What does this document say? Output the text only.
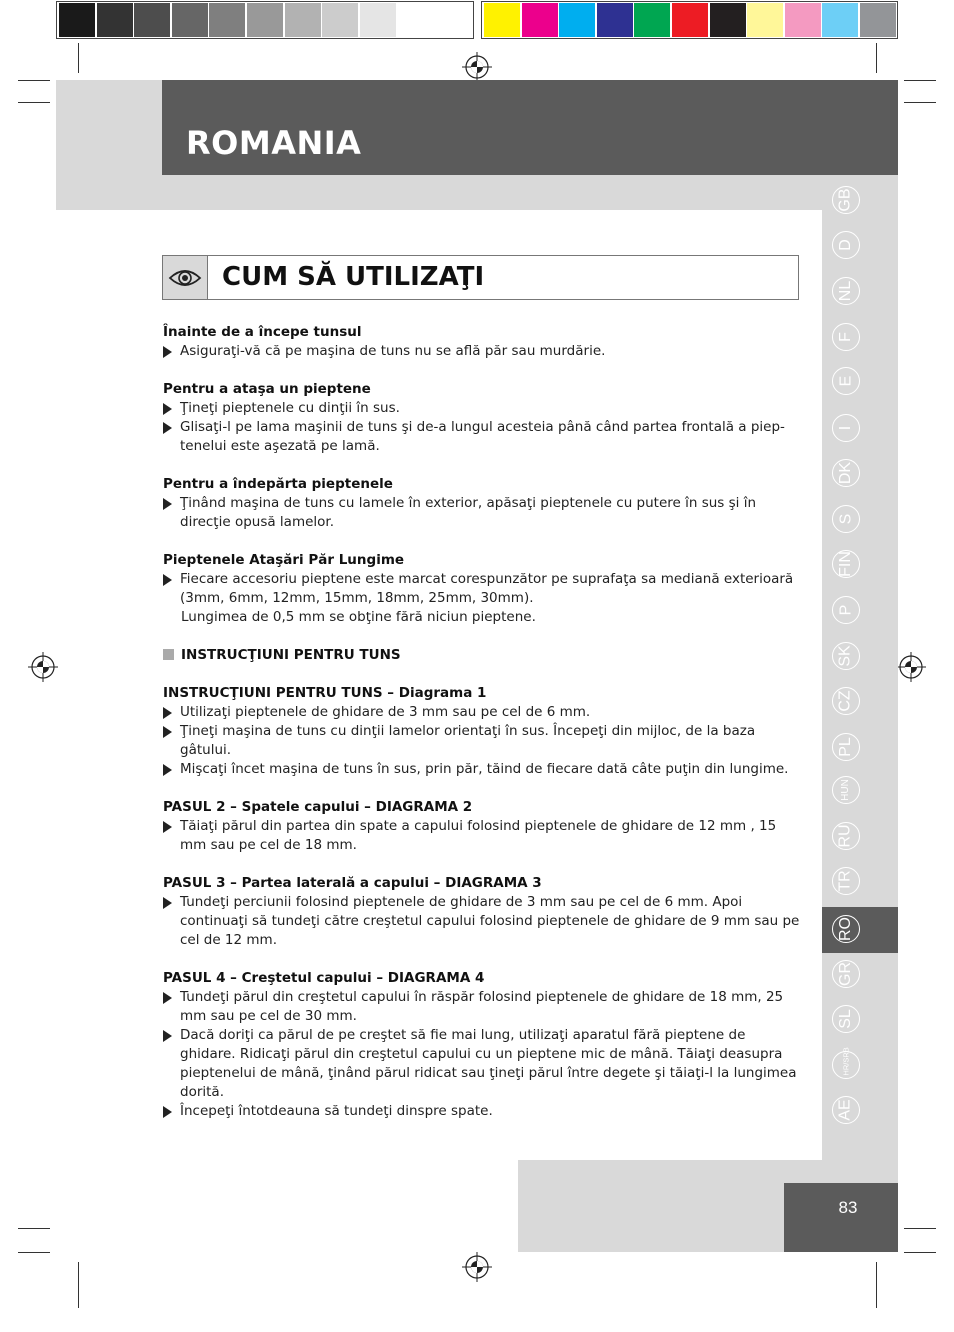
ROMANIA
GB
D
NL
F
E
I
DK
S
FIN
P
SK
CZ
PL
HUN
RU
TR
RO
GR
SL
HR/SRB
AE
83
CUM SĂ UTILIZAŢI

Înainte de a începe tunsul

Asiguraţi-vă că pe maşina de tuns nu se află păr sau murdărie.

Pentru a ataşa un pieptene

Ţineţi pieptenele cu dinţii în sus.

Glisaţi-l pe lama maşinii de tuns şi de-a lungul acesteia până când partea frontală a piep-tenelui este aşezată pe lamă.

Pentru a îndepărta pieptenele

Ţinând maşina de tuns cu lamele în exterior, apăsaţi pieptenele cu putere în sus şi în direcţie opusă lamelor.

Pieptenele Ataşări Păr Lungime

Fiecare accesoriu pieptene este marcat corespunzător pe suprafaţa sa mediană exterioară (3mm, 6mm, 12mm, 15mm, 18mm, 25mm, 30mm).

Lungimea de 0,5 mm se obţine fără niciun pieptene.

INSTRUCŢIUNI PENTRU TUNS

INSTRUCŢIUNI PENTRU TUNS – Diagrama 1

Utilizaţi pieptenele de ghidare de 3 mm sau pe cel de 6 mm.

Ţineţi maşina de tuns cu dinţii lamelor orientaţi în sus. Începeţi din mijloc, de la baza gâtului.

Mişcaţi încet maşina de tuns în sus, prin păr, tăind de fiecare dată câte puţin din lungime.

PASUL 2 – Spatele capului – DIAGRAMA 2

Tăiaţi părul din partea din spate a capului folosind pieptenele de ghidare de 12 mm , 15 mm sau pe cel de 18 mm.

PASUL 3 – Partea laterală a capului – DIAGRAMA 3

Tundeţi perciunii folosind pieptenele de ghidare de 3 mm sau pe cel de 6 mm. Apoi continuaţi să tundeţi către creştetul capului folosind pieptenele de ghidare de 9 mm sau pe cel de 12 mm.

PASUL 4 – Creştetul capului – DIAGRAMA 4

Tundeţi părul din creştetul capului în răspăr folosind pieptenele de ghidare de 18 mm, 25 mm sau pe cel de 30 mm.

Dacă doriţi ca părul de pe creştet să fie mai lung, utilizaţi aparatul fără pieptene de ghidare. Ridicaţi părul din creştetul capului cu un pieptene mic de mână. Tăiaţi deasupra pieptenelui de mână, ţinând părul ridicat sau ţineţi părul între degete şi tăiaţi-l la lungimea dorită.

Începeţi întotdeauna să tundeţi dinspre spate.
